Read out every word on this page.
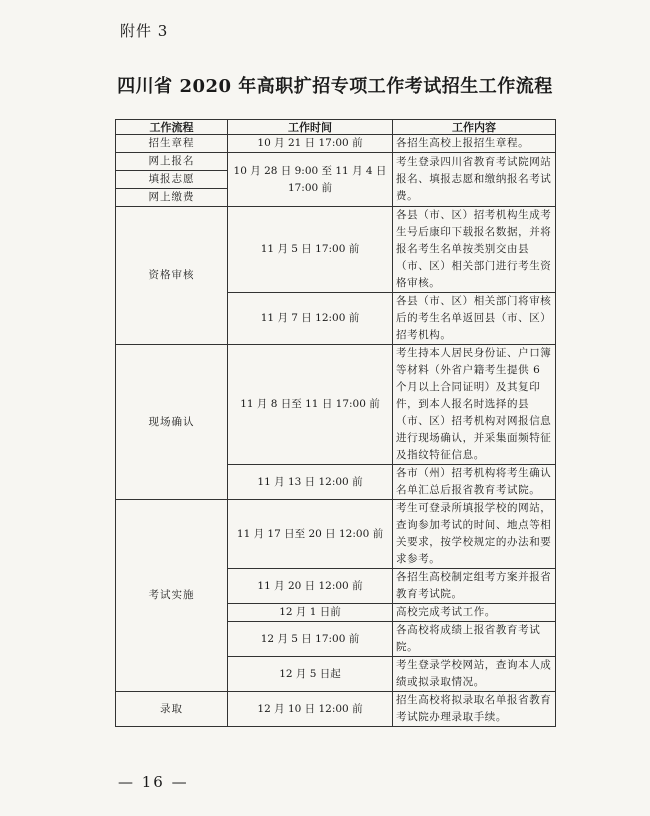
附件 3
四川省 2020 年高职扩招专项工作考试招生工作流程
工作流程	工作时间	工作内容
招生章程	10 月 21 日 17:00 前	各招生高校上报招生章程。
网上报名	10 月 28 日 9:00 至 11 月 4 日 17:00 前	考生登录四川省教育考试院网站报名、填报志愿和缴纳报名考试费。
填报志愿		
网上缴费		
资格审核	11 月 5 日 17:00 前	各县（市、区）招考机构生成考生号后康印下载报名数据，并将报名考生名单按类别交由县（市、区）相关部门进行考生资格审核。
	11 月 7 日 12:00 前	各县（市、区）相关部门将审核后的考生名单返回县（市、区）招考机构。
现场确认	11 月 8 日至 11 日 17:00 前	考生持本人居民身份证、户口簿等材料（外省户籍考生提供 6 个月以上合同证明）及其复印件，到本人报名时选择的县（市、区）招考机构对网报信息进行现场确认，并采集面频特征及指纹特征信息。
	11 月 13 日 12:00 前	各市（州）招考机构将考生确认名单汇总后报省教育考试院。
考试实施	11 月 17 日至 20 日 12:00 前	考生可登录所填报学校的网站，查询参加考试的时间、地点等相关要求，按学校规定的办法和要求参考。
	11 月 20 日 12:00 前	各招生高校制定组考方案并报省教育考试院。
	12 月 1 日前	高校完成考试工作。
	12 月 5 日 17:00 前	各高校将成绩上报省教育考试院。
	12 月 5 日起	考生登录学校网站，查询本人成绩或拟录取情况。
录取	12 月 10 日 12:00 前	招生高校将拟录取名单报省教育考试院办理录取手续。
— 16 —
